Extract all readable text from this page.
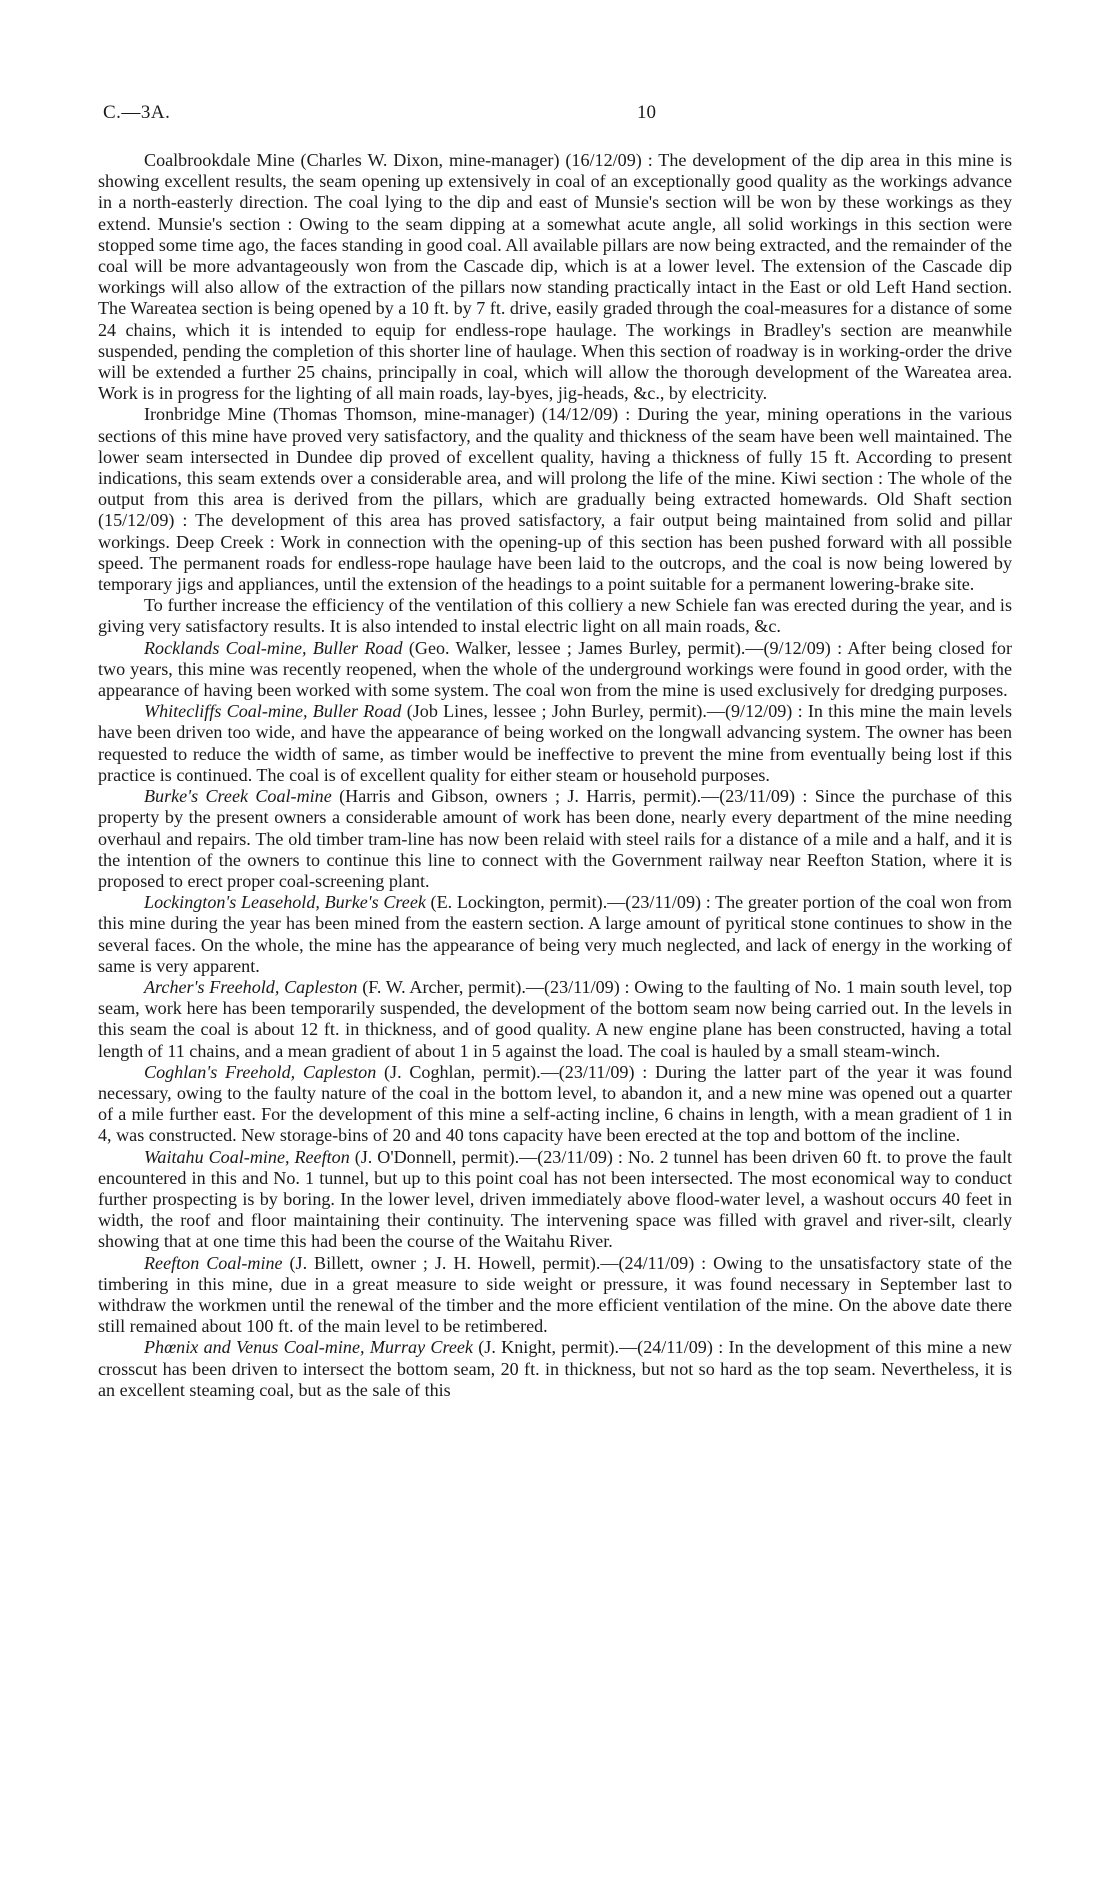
C.—3A.	10

Coalbrookdale Mine (Charles W. Dixon, mine-manager) (16/12/09) : The development of the dip area in this mine is showing excellent results, the seam opening up extensively in coal of an exceptionally good quality as the workings advance in a north-easterly direction. The coal lying to the dip and east of Munsie's section will be won by these workings as they extend. Munsie's section : Owing to the seam dipping at a somewhat acute angle, all solid workings in this section were stopped some time ago, the faces standing in good coal. All available pillars are now being extracted, and the remainder of the coal will be more advantageously won from the Cascade dip, which is at a lower level. The extension of the Cascade dip workings will also allow of the extraction of the pillars now standing practically intact in the East or old Left Hand section. The Wareatea section is being opened by a 10 ft. by 7 ft. drive, easily graded through the coal-measures for a distance of some 24 chains, which it is intended to equip for endless-rope haulage. The workings in Bradley's section are meanwhile suspended, pending the completion of this shorter line of haulage. When this section of roadway is in working-order the drive will be extended a further 25 chains, principally in coal, which will allow the thorough development of the Wareatea area. Work is in progress for the lighting of all main roads, lay-byes, jig-heads, &c., by electricity.

Ironbridge Mine (Thomas Thomson, mine-manager) (14/12/09) : During the year, mining operations in the various sections of this mine have proved very satisfactory, and the quality and thickness of the seam have been well maintained. The lower seam intersected in Dundee dip proved of excellent quality, having a thickness of fully 15 ft. According to present indications, this seam extends over a considerable area, and will prolong the life of the mine. Kiwi section : The whole of the output from this area is derived from the pillars, which are gradually being extracted homewards. Old Shaft section (15/12/09) : The development of this area has proved satisfactory, a fair output being maintained from solid and pillar workings. Deep Creek : Work in connection with the opening-up of this section has been pushed forward with all possible speed. The permanent roads for endless-rope haulage have been laid to the outcrops, and the coal is now being lowered by temporary jigs and appliances, until the extension of the headings to a point suitable for a permanent lowering-brake site.

To further increase the efficiency of the ventilation of this colliery a new Schiele fan was erected during the year, and is giving very satisfactory results. It is also intended to instal electric light on all main roads, &c.

Rocklands Coal-mine, Buller Road (Geo. Walker, lessee ; James Burley, permit).—(9/12/09) : After being closed for two years, this mine was recently reopened, when the whole of the underground workings were found in good order, with the appearance of having been worked with some system. The coal won from the mine is used exclusively for dredging purposes.

Whitecliffs Coal-mine, Buller Road (Job Lines, lessee ; John Burley, permit).—(9/12/09) : In this mine the main levels have been driven too wide, and have the appearance of being worked on the longwall advancing system. The owner has been requested to reduce the width of same, as timber would be ineffective to prevent the mine from eventually being lost if this practice is continued. The coal is of excellent quality for either steam or household purposes.

Burke's Creek Coal-mine (Harris and Gibson, owners ; J. Harris, permit).—(23/11/09) : Since the purchase of this property by the present owners a considerable amount of work has been done, nearly every department of the mine needing overhaul and repairs. The old timber tram-line has now been relaid with steel rails for a distance of a mile and a half, and it is the intention of the owners to continue this line to connect with the Government railway near Reefton Station, where it is proposed to erect proper coal-screening plant.

Lockington's Leasehold, Burke's Creek (E. Lockington, permit).—(23/11/09) : The greater portion of the coal won from this mine during the year has been mined from the eastern section. A large amount of pyritical stone continues to show in the several faces. On the whole, the mine has the appearance of being very much neglected, and lack of energy in the working of same is very apparent.

Archer's Freehold, Capleston (F. W. Archer, permit).—(23/11/09) : Owing to the faulting of No. 1 main south level, top seam, work here has been temporarily suspended, the development of the bottom seam now being carried out. In the levels in this seam the coal is about 12 ft. in thickness, and of good quality. A new engine plane has been constructed, having a total length of 11 chains, and a mean gradient of about 1 in 5 against the load. The coal is hauled by a small steam-winch.

Coghlan's Freehold, Capleston (J. Coghlan, permit).—(23/11/09) : During the latter part of the year it was found necessary, owing to the faulty nature of the coal in the bottom level, to abandon it, and a new mine was opened out a quarter of a mile further east. For the development of this mine a self-acting incline, 6 chains in length, with a mean gradient of 1 in 4, was constructed. New storage-bins of 20 and 40 tons capacity have been erected at the top and bottom of the incline.

Waitahu Coal-mine, Reefton (J. O'Donnell, permit).—(23/11/09) : No. 2 tunnel has been driven 60 ft. to prove the fault encountered in this and No. 1 tunnel, but up to this point coal has not been intersected. The most economical way to conduct further prospecting is by boring. In the lower level, driven immediately above flood-water level, a washout occurs 40 feet in width, the roof and floor maintaining their continuity. The intervening space was filled with gravel and river-silt, clearly showing that at one time this had been the course of the Waitahu River.

Reefton Coal-mine (J. Billett, owner ; J. H. Howell, permit).—(24/11/09) : Owing to the unsatisfactory state of the timbering in this mine, due in a great measure to side weight or pressure, it was found necessary in September last to withdraw the workmen until the renewal of the timber and the more efficient ventilation of the mine. On the above date there still remained about 100 ft. of the main level to be retimbered.

Phœnix and Venus Coal-mine, Murray Creek (J. Knight, permit).—(24/11/09) : In the development of this mine a new crosscut has been driven to intersect the bottom seam, 20 ft. in thickness, but not so hard as the top seam. Nevertheless, it is an excellent steaming coal, but as the sale of this
